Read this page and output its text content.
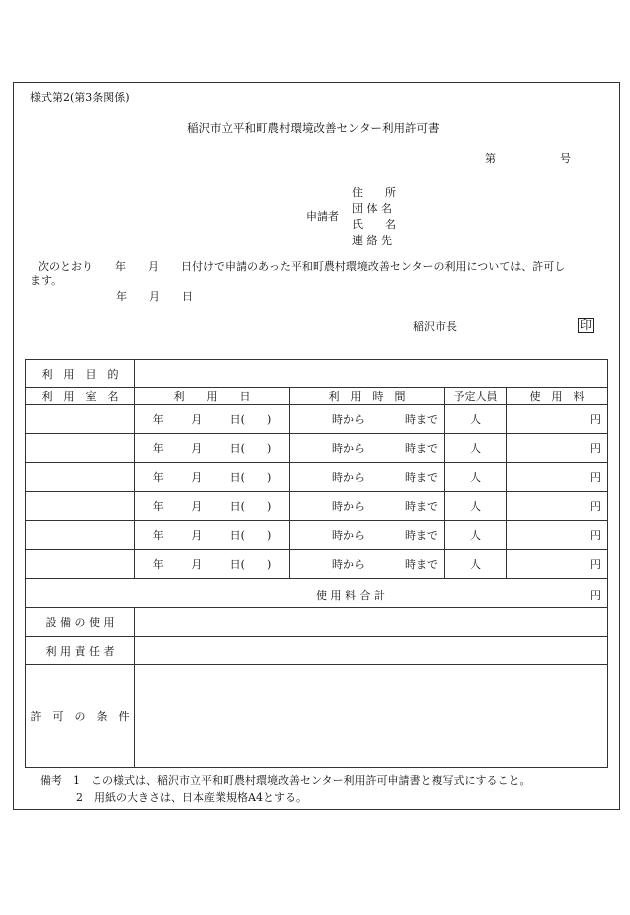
様式第2(第3条関係)
稲沢市立平和町農村環境改善センター利用許可書
第	号
申請者
住　　所
団 体 名
氏　　名
連 絡 先
次のとおり　　年　　月　　日付けで申請のあった平和町農村環境改善センターの利用については、許可し
ます。
年　　月　　日
稲沢市長	印
利　用　目　的				
利　用　室　名	利　　用　　日	利　用　時　間	予定人員	使　用　料

	年 月 日(　　)	時から 時まで	人	円

	年 月 日(　　)	時から 時まで	人	円

	年 月 日(　　)	時から 時まで	人	円

	年 月 日(　　)	時から 時まで	人	円

	年 月 日(　　)	時から 時まで	人	円

	年 月 日(　　)	時から 時まで	人	円

使 用 料 合 計 円				

設 備 の 使 用				
利 用 責 任 者				
許　可　の　条　件				
備考　 1　 この様式は、稲沢市立平和町農村環境改善センター利用許可申請書と複写式にすること。
2　 用紙の大きさは、日本産業規格A4とする。
